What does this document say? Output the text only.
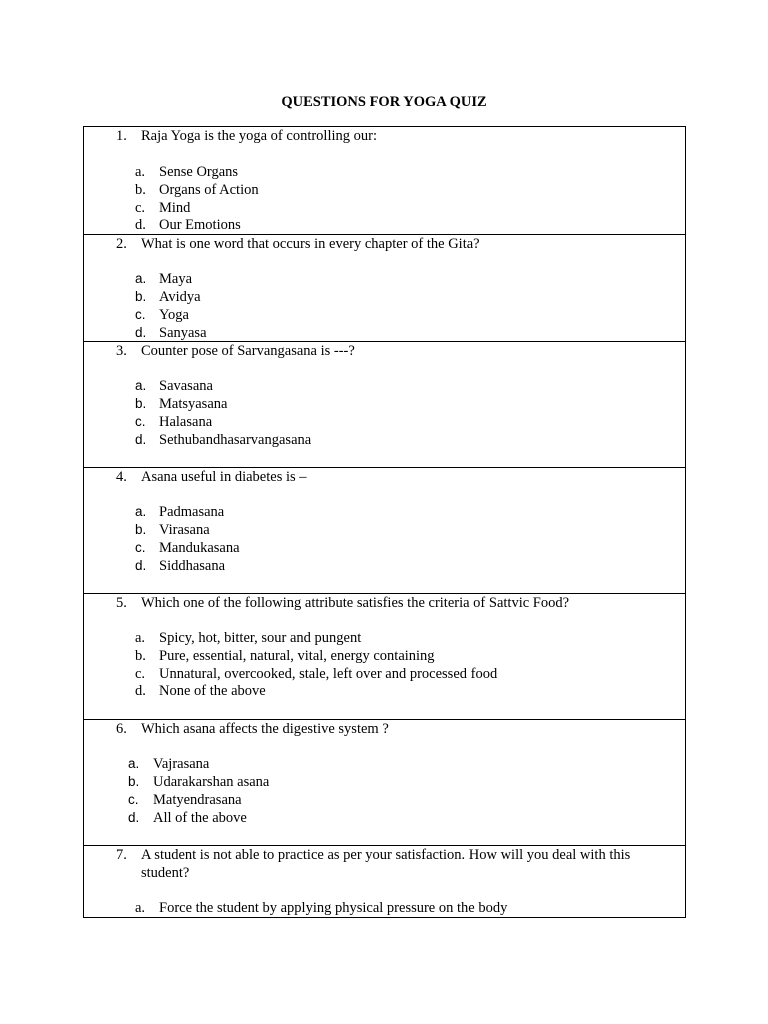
QUESTIONS FOR YOGA QUIZ
1. Raja Yoga is the yoga of controlling our:
a. Sense Organs
b. Organs of Action
c. Mind
d. Our Emotions

2. What is one word that occurs in every chapter of the Gita?
a. Maya
b. Avidya
c. Yoga
d. Sanyasa

3. Counter pose of Sarvangasana is ---?
a. Savasana
b. Matsyasana
c. Halasana
d. Sethubandhasarvangasana

4. Asana useful in diabetes is –
a. Padmasana
b. Virasana
c. Mandukasana
d. Siddhasana

5. Which one of the following attribute satisfies the criteria of Sattvic Food?
a. Spicy, hot, bitter, sour and pungent
b. Pure, essential, natural, vital, energy containing
c. Unnatural, overcooked, stale, left over and processed food
d. None of the above

6. Which asana affects the digestive system ?
a. Vajrasana
b. Udarakarshan asana
c. Matyendrasana
d. All of the above

7. A student is not able to practice as per your satisfaction. How will you deal with this student?
a. Force the student by applying physical pressure on the body
